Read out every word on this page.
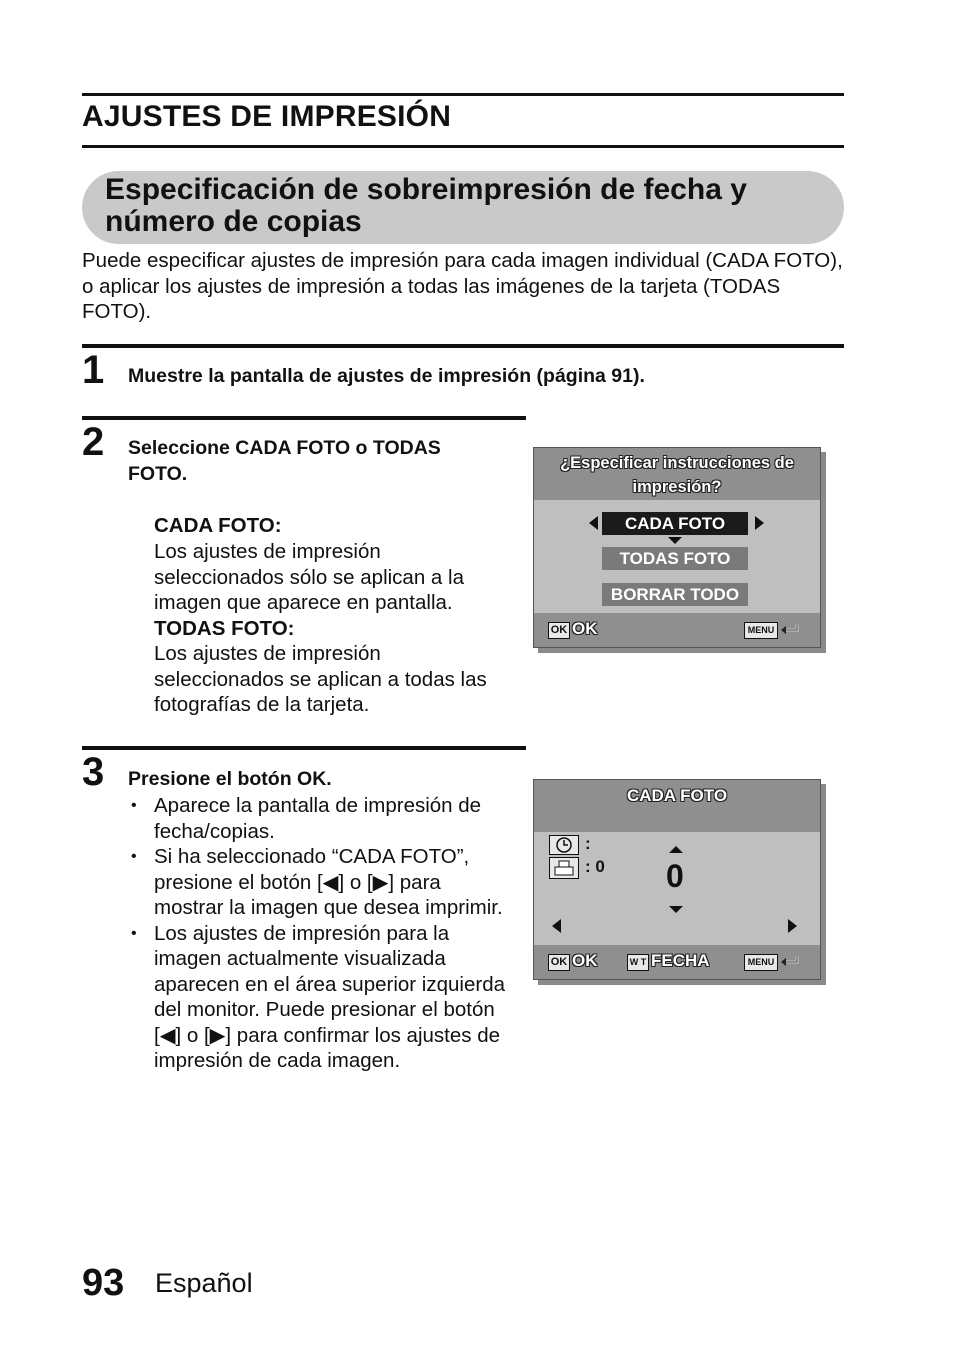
AJUSTES DE IMPRESIÓN
Especificación de sobreimpresión de fecha y número de copias
Puede especificar ajustes de impresión para cada imagen individual (CADA FOTO), o aplicar los ajustes de impresión a todas las imágenes de la tarjeta (TODAS FOTO).
1 Muestre la pantalla de ajustes de impresión (página 91).
2 Seleccione CADA FOTO o TODAS FOTO.
CADA FOTO:
Los ajustes de impresión seleccionados sólo se aplican a la imagen que aparece en pantalla.
TODAS FOTO:
Los ajustes de impresión seleccionados se aplican a todas las fotografías de la tarjeta.
¿Especificar instrucciones de impresión?
CADA FOTO
TODAS FOTO
BORRAR TODO
OK OK	MENU
3 Presione el botón OK.
• Aparece la pantalla de impresión de fecha/copias.
• Si ha seleccionado “CADA FOTO”, presione el botón [◀] o [▶] para mostrar la imagen que desea imprimir.
• Los ajustes de impresión para la imagen actualmente visualizada aparecen en el área superior izquierda del monitor. Puede presionar el botón [◀] o [▶] para confirmar los ajustes de impresión de cada imagen.
CADA FOTO
:
: 0 0
OK OK	W T FECHA	MENU
93 Español
